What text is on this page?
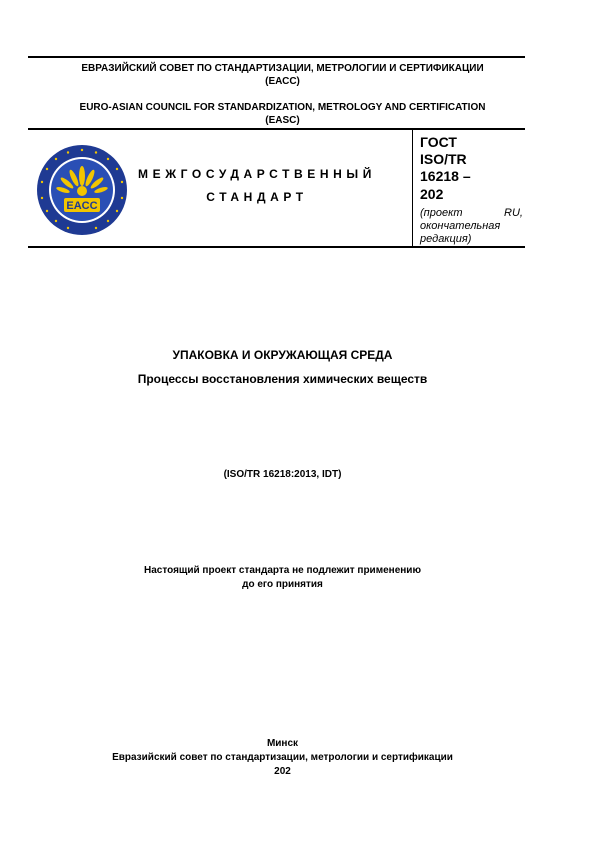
ЕВРАЗИЙСКИЙ СОВЕТ ПО СТАНДАРТИЗАЦИИ, МЕТРОЛОГИИ И СЕРТИФИКАЦИИ
(ЕАСС)
EURO-ASIAN COUNCIL FOR STANDARDIZATION, METROLOGY AND CERTIFICATION
(EASC)
EACC
МЕЖГОСУДАРСТВЕННЫЙ
СТАНДАРТ
ГОСТ
ISO/TR
16218 –
202
(проект	RU,
окончательная
редакция)
УПАКОВКА И ОКРУЖАЮЩАЯ СРЕДА
Процессы восстановления химических веществ
(ISO/TR 16218:2013, IDT)
Настоящий проект стандарта не подлежит применению
до его принятия
Минск
Евразийский совет по стандартизации, метрологии и сертификации
202
